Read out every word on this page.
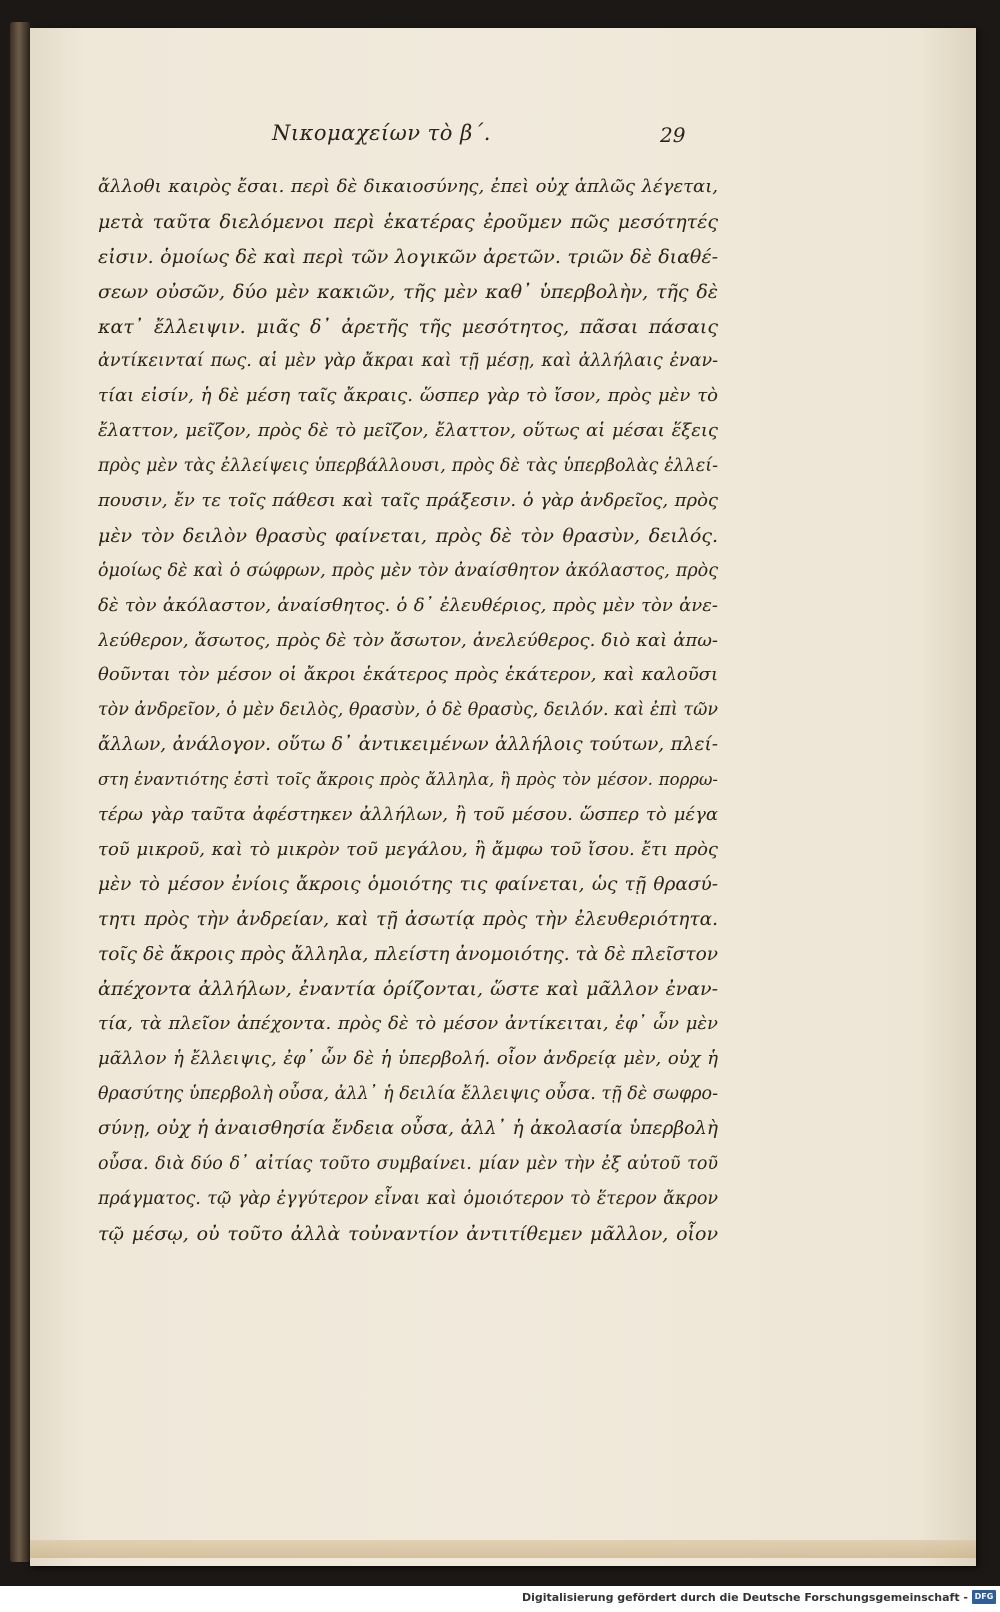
Νικομαχείων τὸ β΄.	29
ἄλλοθι καιρὸς ἔσαι. περὶ δὲ δικαιοσύνης, ἐπεὶ οὐχ ἁπλῶς λέγεται,
μετὰ ταῦτα διελόμενοι περὶ ἑκατέρας ἐροῦμεν πῶς μεσότητές
εἰσιν. ὁμοίως δὲ καὶ περὶ τῶν λογικῶν ἀρετῶν. τριῶν δὲ διαθέ-
σεων οὐσῶν, δύο μὲν κακιῶν, τῆς μὲν καθ᾿ ὑπερβολὴν, τῆς δὲ
κατ᾿ ἔλλειψιν. μιᾶς δ᾿ ἀρετῆς τῆς μεσότητος, πᾶσαι πάσαις
ἀντίκεινταί πως. αἱ μὲν γὰρ ἄκραι καὶ τῇ μέσῃ, καὶ ἀλλήλαις ἐναν-
τίαι εἰσίν, ἡ δὲ μέση ταῖς ἄκραις. ὥσπερ γὰρ τὸ ἴσον, πρὸς μὲν τὸ
ἔλαττον, μεῖζον, πρὸς δὲ τὸ μεῖζον, ἔλαττον, οὕτως αἱ μέσαι ἕξεις
πρὸς μὲν τὰς ἐλλείψεις ὑπερβάλλουσι, πρὸς δὲ τὰς ὑπερβολὰς ἐλλεί-
πουσιν, ἔν τε τοῖς πάθεσι καὶ ταῖς πράξεσιν. ὁ γὰρ ἀνδρεῖος, πρὸς
μὲν τὸν δειλὸν θρασὺς φαίνεται, πρὸς δὲ τὸν θρασὺν, δειλός.
ὁμοίως δὲ καὶ ὁ σώφρων, πρὸς μὲν τὸν ἀναίσθητον ἀκόλαστος, πρὸς
δὲ τὸν ἀκόλαστον, ἀναίσθητος. ὁ δ᾿ ἐλευθέριος, πρὸς μὲν τὸν ἀνε-
λεύθερον, ἄσωτος, πρὸς δὲ τὸν ἄσωτον, ἀνελεύθερος. διὸ καὶ ἀπω-
θοῦνται τὸν μέσον οἱ ἄκροι ἑκάτερος πρὸς ἑκάτερον, καὶ καλοῦσι
τὸν ἀνδρεῖον, ὁ μὲν δειλὸς, θρασὺν, ὁ δὲ θρασὺς, δειλόν. καὶ ἐπὶ τῶν
ἄλλων, ἀνάλογον. οὕτω δ᾿ ἀντικειμένων ἀλλήλοις τούτων, πλεί-
στη ἐναντιότης ἐστὶ τοῖς ἄκροις πρὸς ἄλληλα, ἢ πρὸς τὸν μέσον. πορρω-
τέρω γὰρ ταῦτα ἀφέστηκεν ἀλλήλων, ἢ τοῦ μέσου. ὥσπερ τὸ μέγα
τοῦ μικροῦ, καὶ τὸ μικρὸν τοῦ μεγάλου, ἢ ἄμφω τοῦ ἴσου. ἔτι πρὸς
μὲν τὸ μέσον ἐνίοις ἄκροις ὁμοιότης τις φαίνεται, ὡς τῇ θρασύ-
τητι πρὸς τὴν ἀνδρείαν, καὶ τῇ ἀσωτίᾳ πρὸς τὴν ἐλευθεριότητα.
τοῖς δὲ ἄκροις πρὸς ἄλληλα, πλείστη ἀνομοιότης. τὰ δὲ πλεῖστον
ἀπέχοντα ἀλλήλων, ἐναντία ὁρίζονται, ὥστε καὶ μᾶλλον ἐναν-
τία, τὰ πλεῖον ἀπέχοντα. πρὸς δὲ τὸ μέσον ἀντίκειται, ἐφ᾿ ὧν μὲν
μᾶλλον ἡ ἔλλειψις, ἐφ᾿ ὧν δὲ ἡ ὑπερβολή. οἷον ἀνδρείᾳ μὲν, οὐχ ἡ
θρασύτης ὑπερβολὴ οὖσα, ἀλλ᾿ ἡ δειλία ἔλλειψις οὖσα. τῇ δὲ σωφρο-
σύνῃ, οὐχ ἡ ἀναισθησία ἔνδεια οὖσα, ἀλλ᾿ ἡ ἀκολασία ὑπερβολὴ
οὖσα. διὰ δύο δ᾿ αἰτίας τοῦτο συμβαίνει. μίαν μὲν τὴν ἐξ αὐτοῦ τοῦ
πράγματος. τῷ γὰρ ἐγγύτερον εἶναι καὶ ὁμοιότερον τὸ ἕτερον ἄκρον
τῷ μέσῳ, οὐ τοῦτο ἀλλὰ τοὐναντίον ἀντιτίθεμεν μᾶλλον, οἷον
Digitalisierung gefördert durch die Deutsche Forschungsgemeinschaft - DFG
